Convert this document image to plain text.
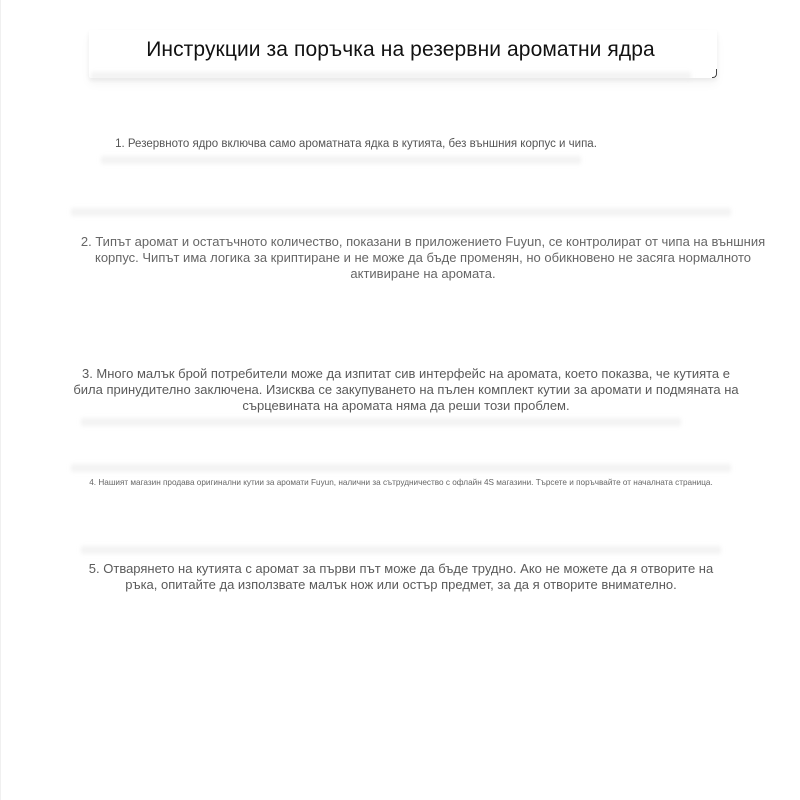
Инструкции за поръчка на резервни ароматни ядра
1. Резервното ядро включва само ароматната ядка в кутията, без външния корпус и чипа.
2. Типът аромат и остатъчното количество, показани в приложението Fuyun, се контролират от чипа на външния корпус. Чипът има логика за криптиране и не може да бъде променян, но обикновено не засяга нормалното активиране на аромата.
3. Много малък брой потребители може да изпитат сив интерфейс на аромата, което показва, че кутията е била принудително заключена. Изисква се закупуването на пълен комплект кутии за аромати и подмяната на сърцевината на аромата няма да реши този проблем.
4. Нашият магазин продава оригинални кутии за аромати Fuyun, налични за сътрудничество с офлайн 4S магазини. Търсете и поръчвайте от началната страница.
5. Отварянето на кутията с аромат за първи път може да бъде трудно. Ако не можете да я отворите на ръка, опитайте да използвате малък нож или остър предмет, за да я отворите внимателно.
